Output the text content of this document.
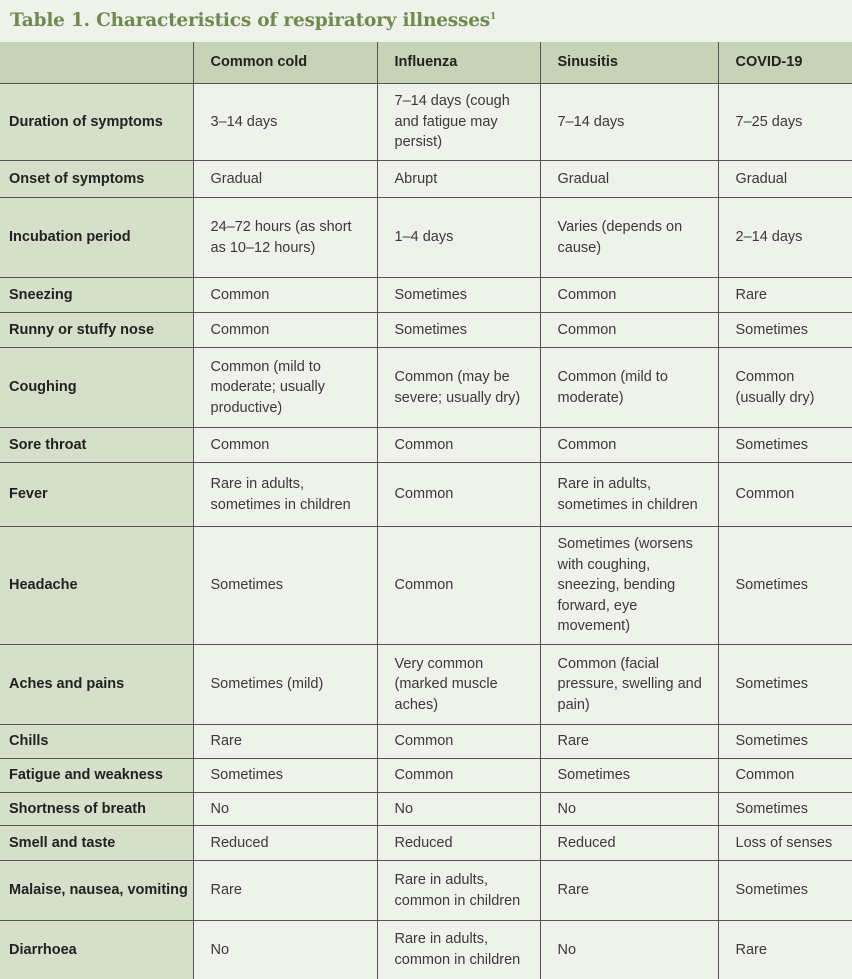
Table 1. Characteristics of respiratory illnesses$^1$
	Common cold	Influenza	Sinusitis	COVID-19
Duration of symptoms	3–14 days	7–14 days (cough and fatigue may persist)	7–14 days	7–25 days
Onset of symptoms	Gradual	Abrupt	Gradual	Gradual
Incubation period	24–72 hours (as short as 10–12 hours)	1–4 days	Varies (depends on cause)	2–14 days
Sneezing	Common	Sometimes	Common	Rare
Runny or stuffy nose	Common	Sometimes	Common	Sometimes
Coughing	Common (mild to moderate; usually productive)	Common (may be severe; usually dry)	Common (mild to moderate)	Common (usually dry)
Sore throat	Common	Common	Common	Sometimes
Fever	Rare in adults, sometimes in children	Common	Rare in adults, sometimes in children	Common
Headache	Sometimes	Common	Sometimes (worsens with coughing, sneezing, bending forward, eye movement)	Sometimes
Aches and pains	Sometimes (mild)	Very common (marked muscle aches)	Common (facial pressure, swelling and pain)	Sometimes
Chills	Rare	Common	Rare	Sometimes
Fatigue and weakness	Sometimes	Common	Sometimes	Common
Shortness of breath	No	No	No	Sometimes
Smell and taste	Reduced	Reduced	Reduced	Loss of senses
Malaise, nausea, vomiting	Rare	Rare in adults, common in children	Rare	Sometimes
Diarrhoea	No	Rare in adults, common in children	No	Rare
